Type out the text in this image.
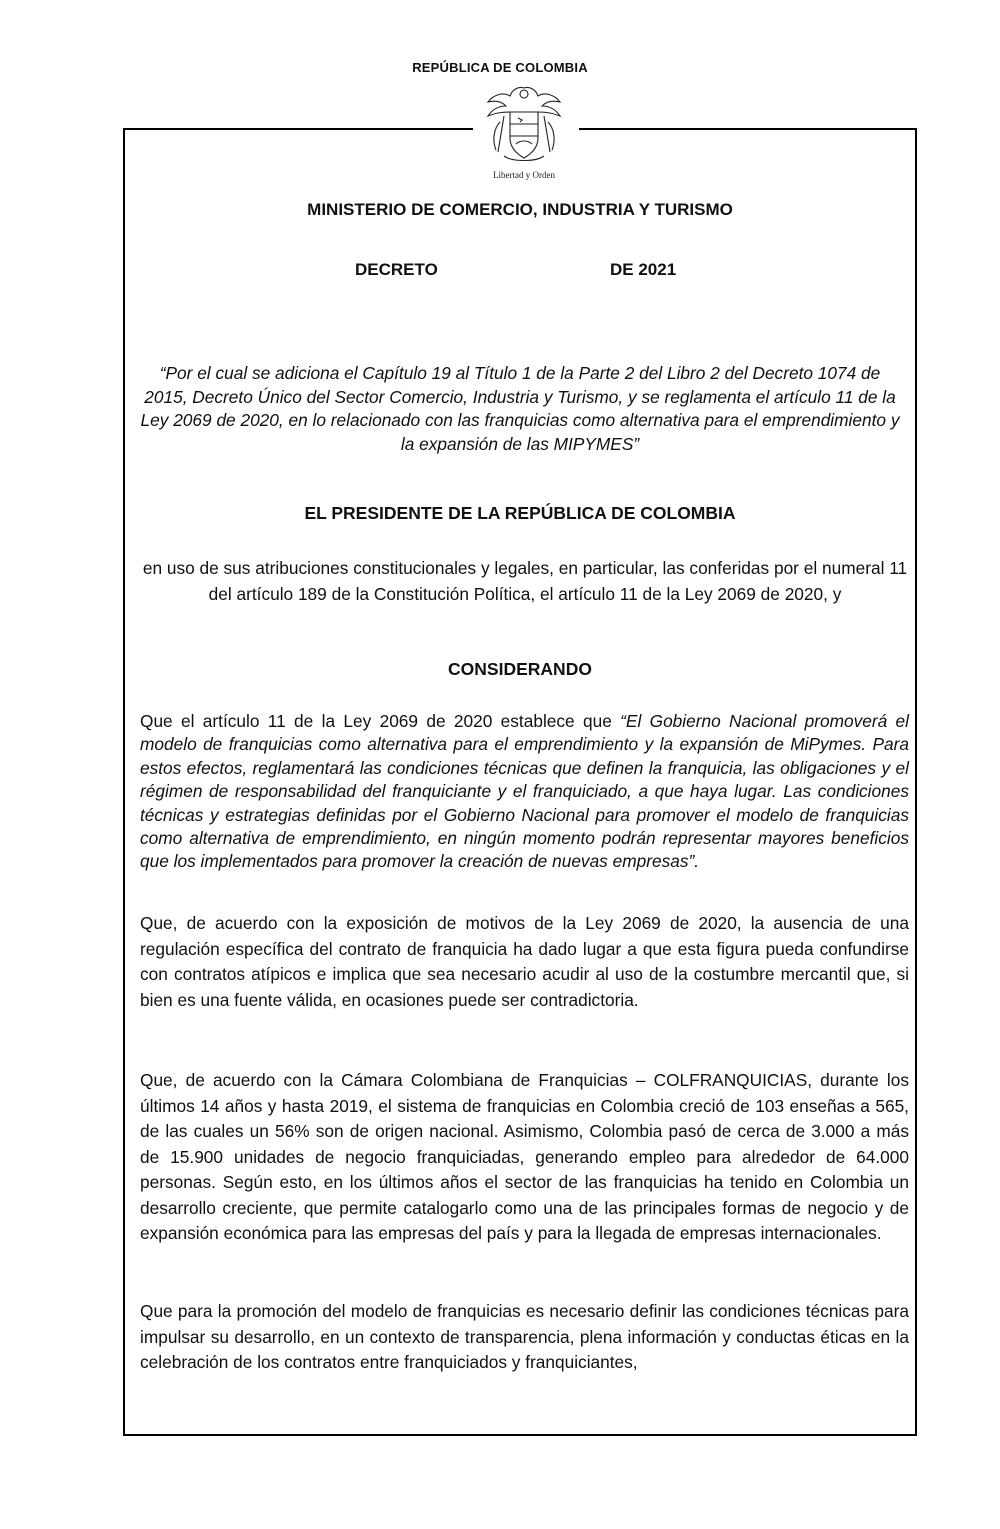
REPÚBLICA DE COLOMBIA
Libertad y Orden
MINISTERIO DE COMERCIO, INDUSTRIA Y TURISMO
DECRETO	DE 2021
“Por el cual se adiciona el Capítulo 19 al Título 1 de la Parte 2 del Libro 2 del Decreto 1074 de 2015, Decreto Único del Sector Comercio, Industria y Turismo, y se reglamenta el artículo 11 de la Ley 2069 de 2020, en lo relacionado con las franquicias como alternativa para el emprendimiento y la expansión de las MIPYMES”
EL PRESIDENTE DE LA REPÚBLICA DE COLOMBIA
en uso de sus atribuciones constitucionales y legales, en particular, las conferidas por el numeral 11 del artículo 189 de la Constitución Política, el artículo 11 de la Ley 2069 de 2020, y
CONSIDERANDO

Que el artículo 11 de la Ley 2069 de 2020 establece que “El Gobierno Nacional promoverá el modelo de franquicias como alternativa para el emprendimiento y la expansión de MiPymes. Para estos efectos, reglamentará las condiciones técnicas que definen la franquicia, las obligaciones y el régimen de responsabilidad del franquiciante y el franquiciado, a que haya lugar. Las condiciones técnicas y estrategias definidas por el Gobierno Nacional para promover el modelo de franquicias como alternativa de emprendimiento, en ningún momento podrán representar mayores beneficios que los implementados para promover la creación de nuevas empresas”.

Que, de acuerdo con la exposición de motivos de la Ley 2069 de 2020, la ausencia de una regulación específica del contrato de franquicia ha dado lugar a que esta figura pueda confundirse con contratos atípicos e implica que sea necesario acudir al uso de la costumbre mercantil que, si bien es una fuente válida, en ocasiones puede ser contradictoria.

Que, de acuerdo con la Cámara Colombiana de Franquicias – COLFRANQUICIAS, durante los últimos 14 años y hasta 2019, el sistema de franquicias en Colombia creció de 103 enseñas a 565, de las cuales un 56% son de origen nacional. Asimismo, Colombia pasó de cerca de 3.000 a más de 15.900 unidades de negocio franquiciadas, generando empleo para alrededor de 64.000 personas. Según esto, en los últimos años el sector de las franquicias ha tenido en Colombia un desarrollo creciente, que permite catalogarlo como una de las principales formas de negocio y de expansión económica para las empresas del país y para la llegada de empresas internacionales.

Que para la promoción del modelo de franquicias es necesario definir las condiciones técnicas para impulsar su desarrollo, en un contexto de transparencia, plena información y conductas éticas en la celebración de los contratos entre franquiciados y franquiciantes,
